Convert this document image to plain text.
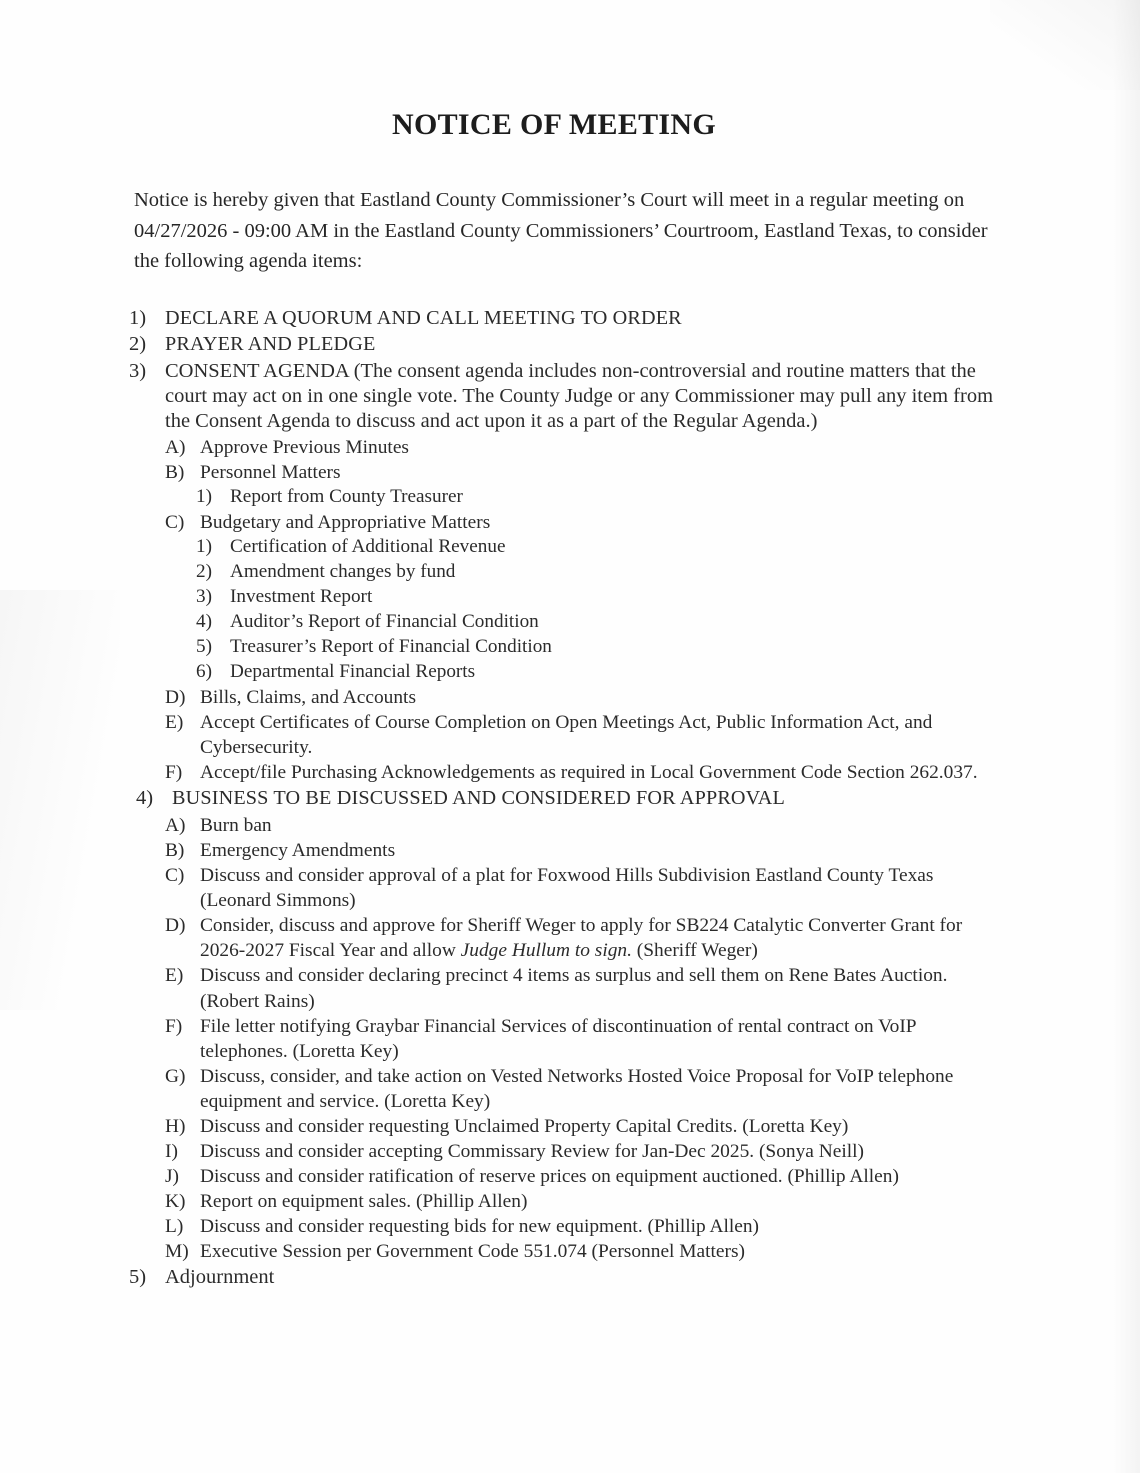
NOTICE OF MEETING

Notice is hereby given that Eastland County Commissioner’s Court will meet in a regular meeting on 04/27/2026 - 09:00 AM in the Eastland County Commissioners’ Courtroom, Eastland Texas, to consider the following agenda items:

1) DECLARE A QUORUM AND CALL MEETING TO ORDER
2) PRAYER AND PLEDGE
3) CONSENT AGENDA (The consent agenda includes non-controversial and routine matters that the court may act on in one single vote. The County Judge or any Commissioner may pull any item from the Consent Agenda to discuss and act upon it as a part of the Regular Agenda.)
A) Approve Previous Minutes
B) Personnel Matters
1) Report from County Treasurer
C) Budgetary and Appropriative Matters
1) Certification of Additional Revenue
2) Amendment changes by fund
3) Investment Report
4) Auditor’s Report of Financial Condition
5) Treasurer’s Report of Financial Condition
6) Departmental Financial Reports
D) Bills, Claims, and Accounts
E) Accept Certificates of Course Completion on Open Meetings Act, Public Information Act, and Cybersecurity.
F) Accept/file Purchasing Acknowledgements as required in Local Government Code Section 262.037.
4) BUSINESS TO BE DISCUSSED AND CONSIDERED FOR APPROVAL
A) Burn ban
B) Emergency Amendments
C) Discuss and consider approval of a plat for Foxwood Hills Subdivision Eastland County Texas (Leonard Simmons)
D) Consider, discuss and approve for Sheriff Weger to apply for SB224 Catalytic Converter Grant for 2026-2027 Fiscal Year and allow Judge Hullum to sign. (Sheriff Weger)
E) Discuss and consider declaring precinct 4 items as surplus and sell them on Rene Bates Auction. (Robert Rains)
F) File letter notifying Graybar Financial Services of discontinuation of rental contract on VoIP telephones. (Loretta Key)
G) Discuss, consider, and take action on Vested Networks Hosted Voice Proposal for VoIP telephone equipment and service. (Loretta Key)
H) Discuss and consider requesting Unclaimed Property Capital Credits. (Loretta Key)
I)	Discuss and consider accepting Commissary Review for Jan-Dec 2025. (Sonya Neill)
J)	Discuss and consider ratification of reserve prices on equipment auctioned. (Phillip Allen)
K) Report on equipment sales. (Phillip Allen)
L) Discuss and consider requesting bids for new equipment. (Phillip Allen)
M) Executive Session per Government Code 551.074 (Personnel Matters)
5) Adjournment
